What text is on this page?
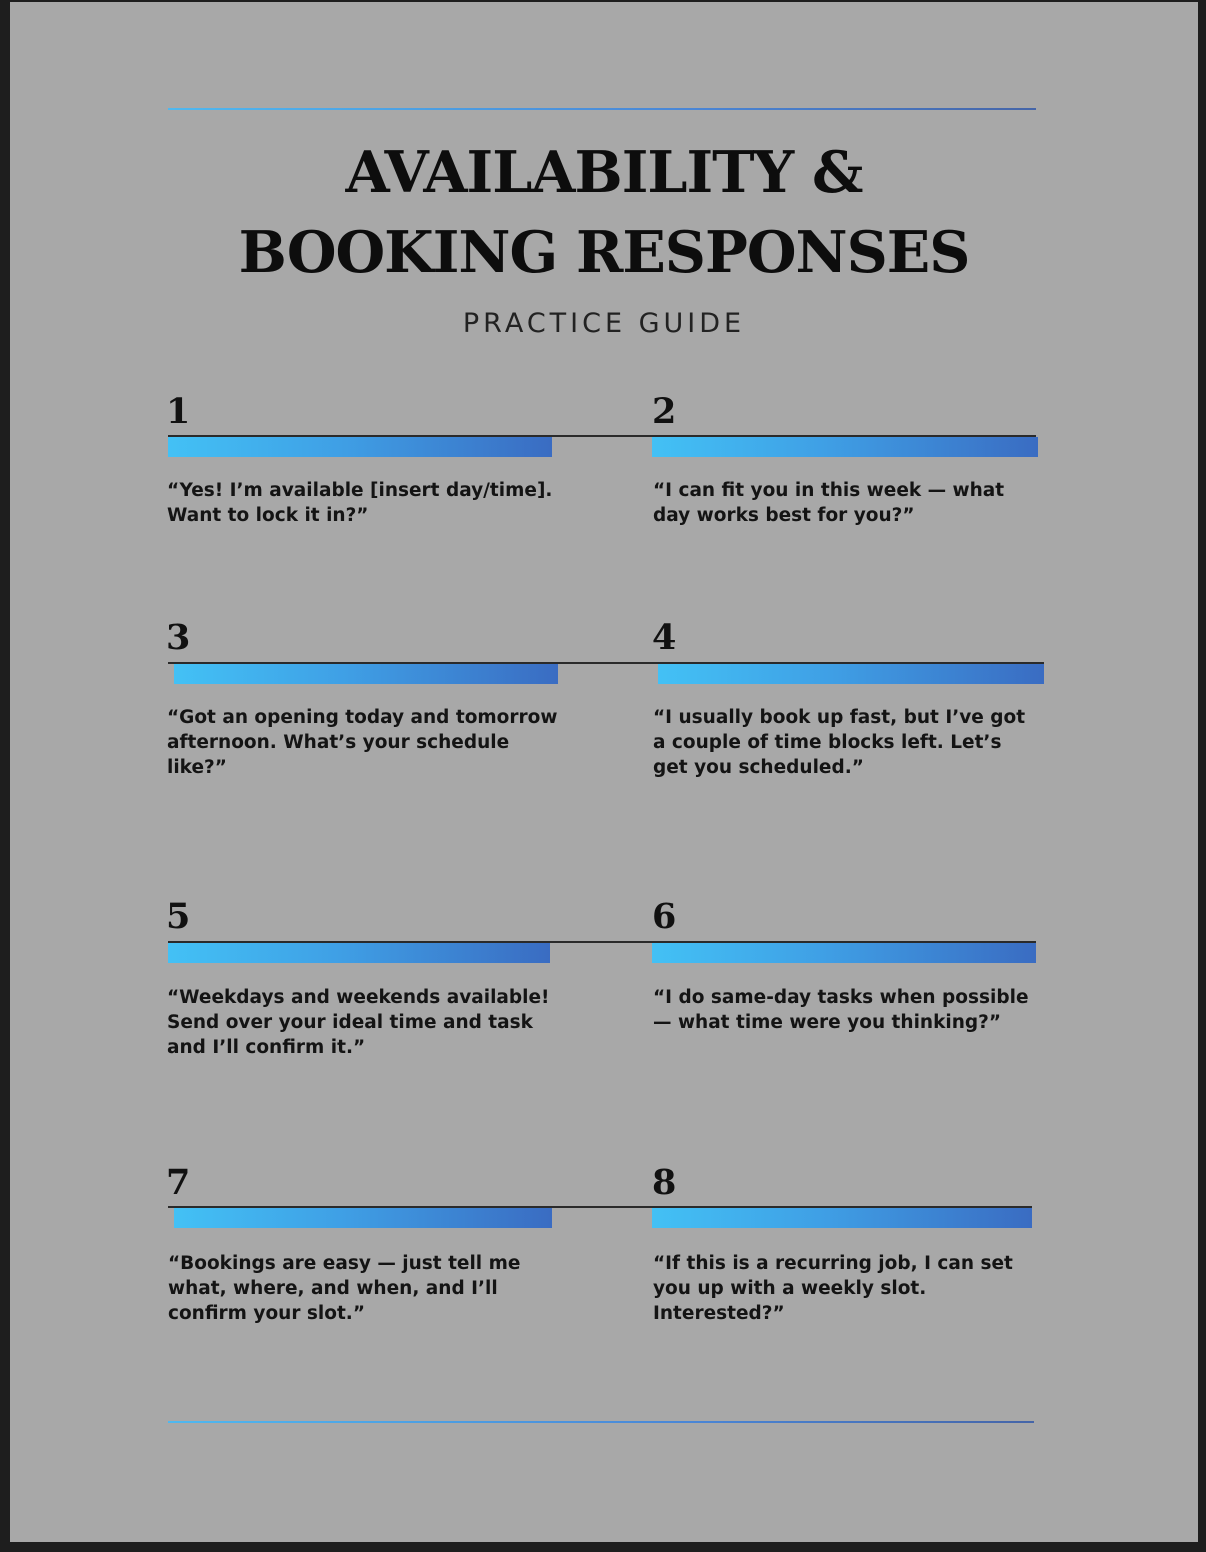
AVAILABILITY &
BOOKING RESPONSES
PRACTICE GUIDE
1

“Yes! I’m available [insert day/time]. Want to lock it in?”

2

“I can fit you in this week — what day works best for you?”

3

“Got an opening today and tomorrow afternoon. What’s your schedule like?”

4

“I usually book up fast, but I’ve got a couple of time blocks left. Let’s get you scheduled.”

5

“Weekdays and weekends available! Send over your ideal time and task and I’ll confirm it.”

6

“I do same-day tasks when possible — what time were you thinking?”

7

“Bookings are easy — just tell me what, where, and when, and I’ll confirm your slot.”

8

“If this is a recurring job, I can set you up with a weekly slot. Interested?”
